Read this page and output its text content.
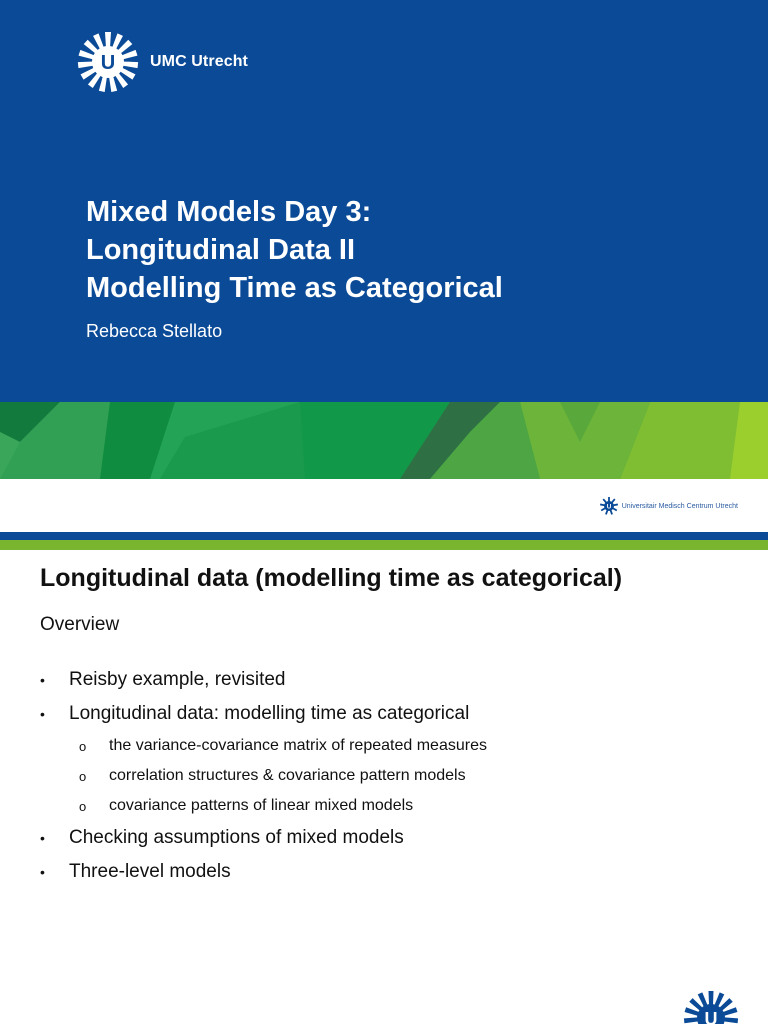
U UMC Utrecht
Mixed Models Day 3:
Longitudinal Data II
Modelling Time as Categorical
Rebecca Stellato
U Universitair Medisch Centrum Utrecht
Longitudinal data (modelling time as categorical)
Overview
• Reisby example, revisited
• Longitudinal data: modelling time as categorical
o the variance-covariance matrix of repeated measures
o correlation structures & covariance pattern models
o covariance patterns of linear mixed models
• Checking assumptions of mixed models
• Three-level models
U
